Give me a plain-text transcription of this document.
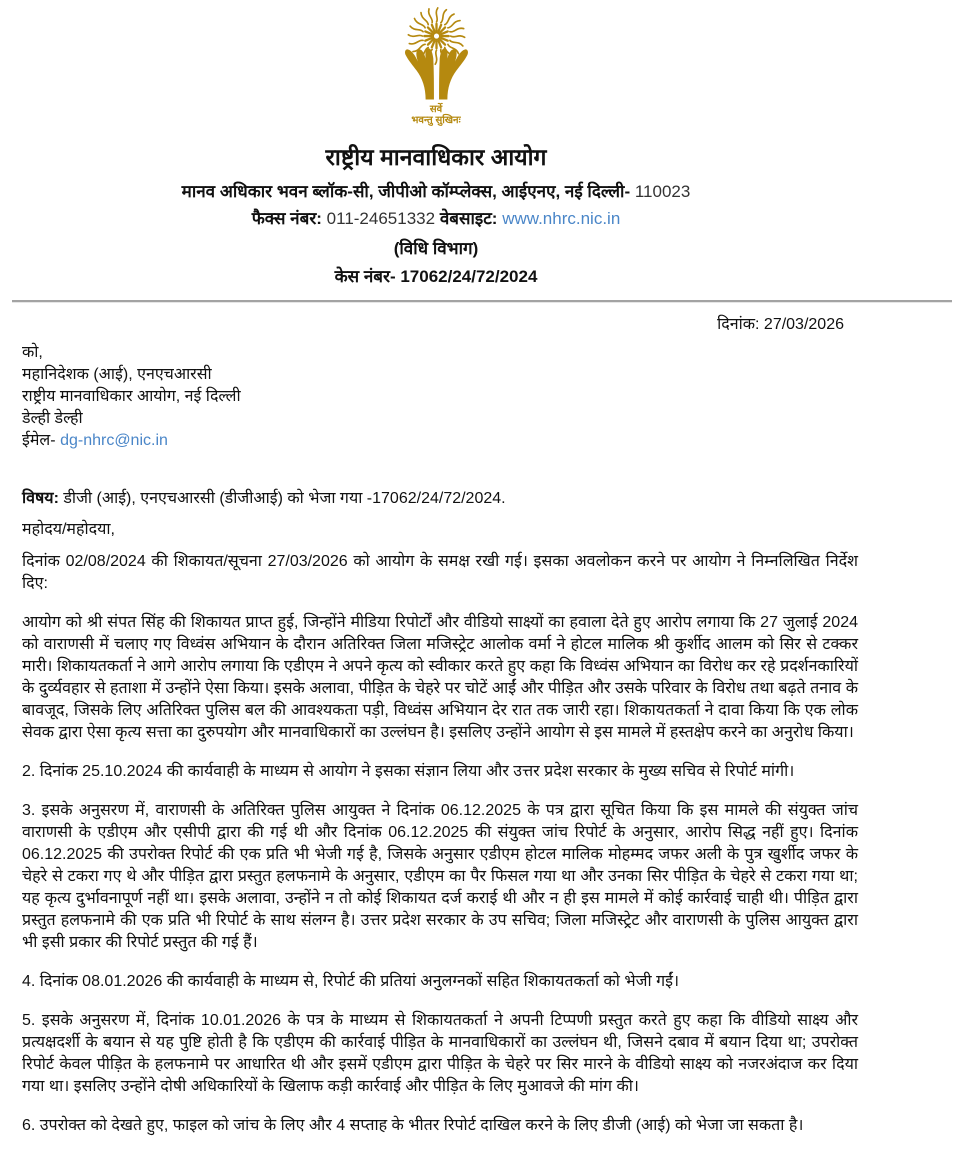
सर्वे
भवन्तु सुखिनः
राष्ट्रीय मानवाधिकार आयोग
मानव अधिकार भवन ब्लॉक-सी, जीपीओ कॉम्प्लेक्स, आईएनए, नई दिल्ली- 110023
फैक्स नंबर: 011-24651332 वेबसाइट: www.nhrc.nic.in
(विधि विभाग)
केस नंबर- 17062/24/72/2024
दिनांक: 27/03/2026
को,
महानिदेशक (आई), एनएचआरसी
राष्ट्रीय मानवाधिकार आयोग, नई दिल्ली
डेल्ही डेल्ही
ईमेल- dg-nhrc@nic.in
विषय: डीजी (आई), एनएचआरसी (डीजीआई) को भेजा गया -17062/24/72/2024.
महोदय/महोदया,

दिनांक 02/08/2024 की शिकायत/सूचना 27/03/2026 को आयोग के समक्ष रखी गई। इसका अवलोकन करने पर आयोग ने निम्नलिखित निर्देश दिए:

आयोग को श्री संपत सिंह की शिकायत प्राप्त हुई, जिन्होंने मीडिया रिपोर्टों और वीडियो साक्ष्यों का हवाला देते हुए आरोप लगाया कि 27 जुलाई 2024 को वाराणसी में चलाए गए विध्वंस अभियान के दौरान अतिरिक्त जिला मजिस्ट्रेट आलोक वर्मा ने होटल मालिक श्री कुर्शीद आलम को सिर से टक्कर मारी। शिकायतकर्ता ने आगे आरोप लगाया कि एडीएम ने अपने कृत्य को स्वीकार करते हुए कहा कि विध्वंस अभियान का विरोध कर रहे प्रदर्शनकारियों के दुर्व्यवहार से हताशा में उन्होंने ऐसा किया। इसके अलावा, पीड़ित के चेहरे पर चोटें आईं और पीड़ित और उसके परिवार के विरोध तथा बढ़ते तनाव के बावजूद, जिसके लिए अतिरिक्त पुलिस बल की आवश्यकता पड़ी, विध्वंस अभियान देर रात तक जारी रहा। शिकायतकर्ता ने दावा किया कि एक लोक सेवक द्वारा ऐसा कृत्य सत्ता का दुरुपयोग और मानवाधिकारों का उल्लंघन है। इसलिए उन्होंने आयोग से इस मामले में हस्तक्षेप करने का अनुरोध किया।

2. दिनांक 25.10.2024 की कार्यवाही के माध्यम से आयोग ने इसका संज्ञान लिया और उत्तर प्रदेश सरकार के मुख्य सचिव से रिपोर्ट मांगी।

3. इसके अनुसरण में, वाराणसी के अतिरिक्त पुलिस आयुक्त ने दिनांक 06.12.2025 के पत्र द्वारा सूचित किया कि इस मामले की संयुक्त जांच वाराणसी के एडीएम और एसीपी द्वारा की गई थी और दिनांक 06.12.2025 की संयुक्त जांच रिपोर्ट के अनुसार, आरोप सिद्ध नहीं हुए। दिनांक 06.12.2025 की उपरोक्त रिपोर्ट की एक प्रति भी भेजी गई है, जिसके अनुसार एडीएम होटल मालिक मोहम्मद जफर अली के पुत्र खुर्शीद जफर के चेहरे से टकरा गए थे और पीड़ित द्वारा प्रस्तुत हलफनामे के अनुसार, एडीएम का पैर फिसल गया था और उनका सिर पीड़ित के चेहरे से टकरा गया था; यह कृत्य दुर्भावनापूर्ण नहीं था। इसके अलावा, उन्होंने न तो कोई शिकायत दर्ज कराई थी और न ही इस मामले में कोई कार्रवाई चाही थी। पीड़ित द्वारा प्रस्तुत हलफनामे की एक प्रति भी रिपोर्ट के साथ संलग्न है। उत्तर प्रदेश सरकार के उप सचिव; जिला मजिस्ट्रेट और वाराणसी के पुलिस आयुक्त द्वारा भी इसी प्रकार की रिपोर्ट प्रस्तुत की गई हैं।

4. दिनांक 08.01.2026 की कार्यवाही के माध्यम से, रिपोर्ट की प्रतियां अनुलग्नकों सहित शिकायतकर्ता को भेजी गईं।

5. इसके अनुसरण में, दिनांक 10.01.2026 के पत्र के माध्यम से शिकायतकर्ता ने अपनी टिप्पणी प्रस्तुत करते हुए कहा कि वीडियो साक्ष्य और प्रत्यक्षदर्शी के बयान से यह पुष्टि होती है कि एडीएम की कार्रवाई पीड़ित के मानवाधिकारों का उल्लंघन थी, जिसने दबाव में बयान दिया था; उपरोक्त रिपोर्ट केवल पीड़ित के हलफनामे पर आधारित थी और इसमें एडीएम द्वारा पीड़ित के चेहरे पर सिर मारने के वीडियो साक्ष्य को नजरअंदाज कर दिया गया था। इसलिए उन्होंने दोषी अधिकारियों के खिलाफ कड़ी कार्रवाई और पीड़ित के लिए मुआवजे की मांग की।

6. उपरोक्त को देखते हुए, फाइल को जांच के लिए और 4 सप्ताह के भीतर रिपोर्ट दाखिल करने के लिए डीजी (आई) को भेजा जा सकता है।
